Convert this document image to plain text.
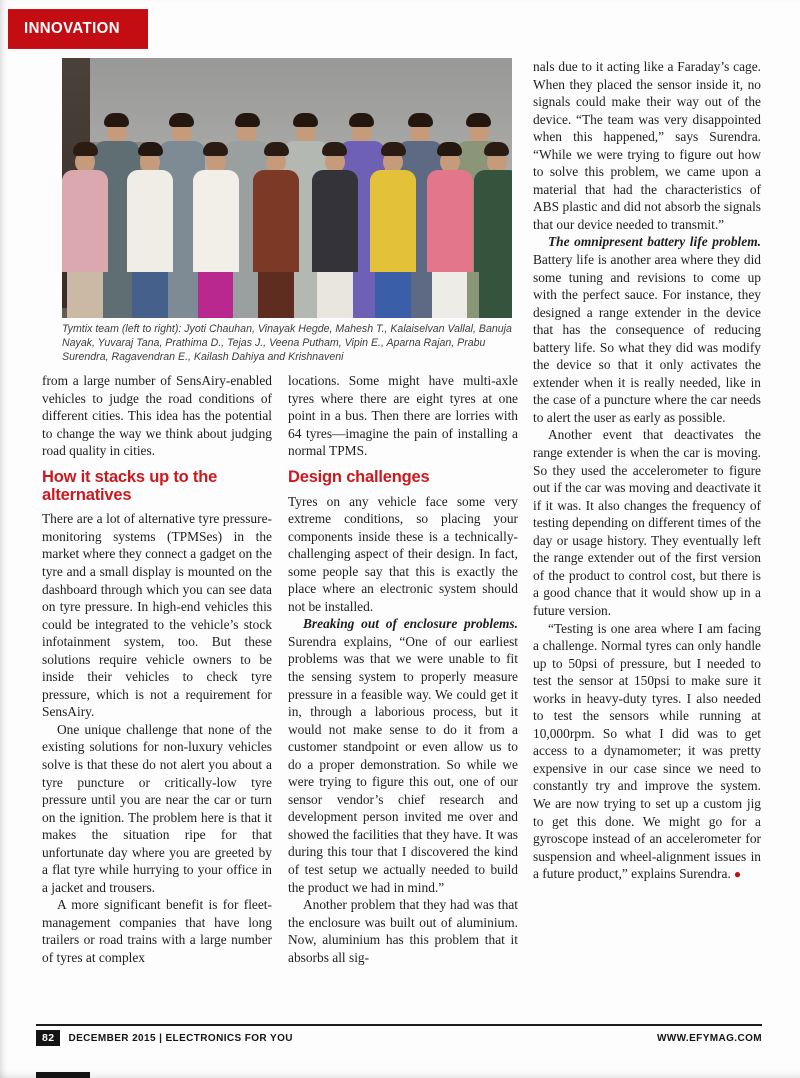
INNOVATION
Tymtix team (left to right): Jyoti Chauhan, Vinayak Hegde, Mahesh T., Kalaiselvan Vallal, Banuja Nayak, Yuvaraj Tana, Prathima D., Tejas J., Veena Putham, Vipin E., Aparna Rajan, Prabu Surendra, Ragavendran E., Kailash Dahiya and Krishnaveni

from a large number of SensAiry-enabled vehicles to judge the road conditions of different cities. This idea has the potential to change the way we think about judging road quality in cities.

How it stacks up to the alternatives

There are a lot of alternative tyre pressure-monitoring systems (TPMSes) in the market where they connect a gadget on the tyre and a small display is mounted on the dashboard through which you can see data on tyre pressure. In high-end vehicles this could be integrated to the vehicle’s stock infotainment system, too. But these solutions require vehicle owners to be inside their vehicles to check tyre pressure, which is not a requirement for SensAiry.

One unique challenge that none of the existing solutions for non-luxury vehicles solve is that these do not alert you about a tyre puncture or critically-low tyre pressure until you are near the car or turn on the ignition. The problem here is that it makes the situation ripe for that unfortunate day where you are greeted by a flat tyre while hurrying to your office in a jacket and trousers.

A more significant benefit is for fleet-management companies that have long trailers or road trains with a large number of tyres at complex

locations. Some might have multi-axle tyres where there are eight tyres at one point in a bus. Then there are lorries with 64 tyres—imagine the pain of installing a normal TPMS.

Design challenges

Tyres on any vehicle face some very extreme conditions, so placing your components inside these is a technically-challenging aspect of their design. In fact, some people say that this is exactly the place where an electronic system should not be installed.

Breaking out of enclosure problems. Surendra explains, “One of our earliest problems was that we were unable to fit the sensing system to properly measure pressure in a feasible way. We could get it in, through a laborious process, but it would not make sense to do it from a customer standpoint or even allow us to do a proper demonstration. So while we were trying to figure this out, one of our sensor vendor’s chief research and development person invited me over and showed the facilities that they have. It was during this tour that I discovered the kind of test setup we actually needed to build the product we had in mind.”

Another problem that they had was that the enclosure was built out of aluminium. Now, aluminium has this problem that it absorbs all sig-

nals due to it acting like a Faraday’s cage. When they placed the sensor inside it, no signals could make their way out of the device. “The team was very disappointed when this happened,” says Surendra. “While we were trying to figure out how to solve this problem, we came upon a material that had the characteristics of ABS plastic and did not absorb the signals that our device needed to transmit.”

The omnipresent battery life problem. Battery life is another area where they did some tuning and revisions to come up with the perfect sauce. For instance, they designed a range extender in the device that has the consequence of reducing battery life. So what they did was modify the device so that it only activates the extender when it is really needed, like in the case of a puncture where the car needs to alert the user as early as possible.

Another event that deactivates the range extender is when the car is moving. So they used the accelerometer to figure out if the car was moving and deactivate it if it was. It also changes the frequency of testing depending on different times of the day or usage history. They eventually left the range extender out of the first version of the product to control cost, but there is a good chance that it would show up in a future version.

“Testing is one area where I am facing a challenge. Normal tyres can only handle up to 50psi of pressure, but I needed to test the sensor at 150psi to make sure it works in heavy-duty tyres. I also needed to test the sensors while running at 10,000rpm. So what I did was to get access to a dynamometer; it was pretty expensive in our case since we need to constantly try and improve the system. We are now trying to set up a custom jig to get this done. We might go for a gyroscope instead of an accelerometer for suspension and wheel-alignment issues in a future product,” explains Surendra. ●

82	DECEMBER 2015 | ELECTRONICS FOR YOU	WWW.EFYMAG.COM
